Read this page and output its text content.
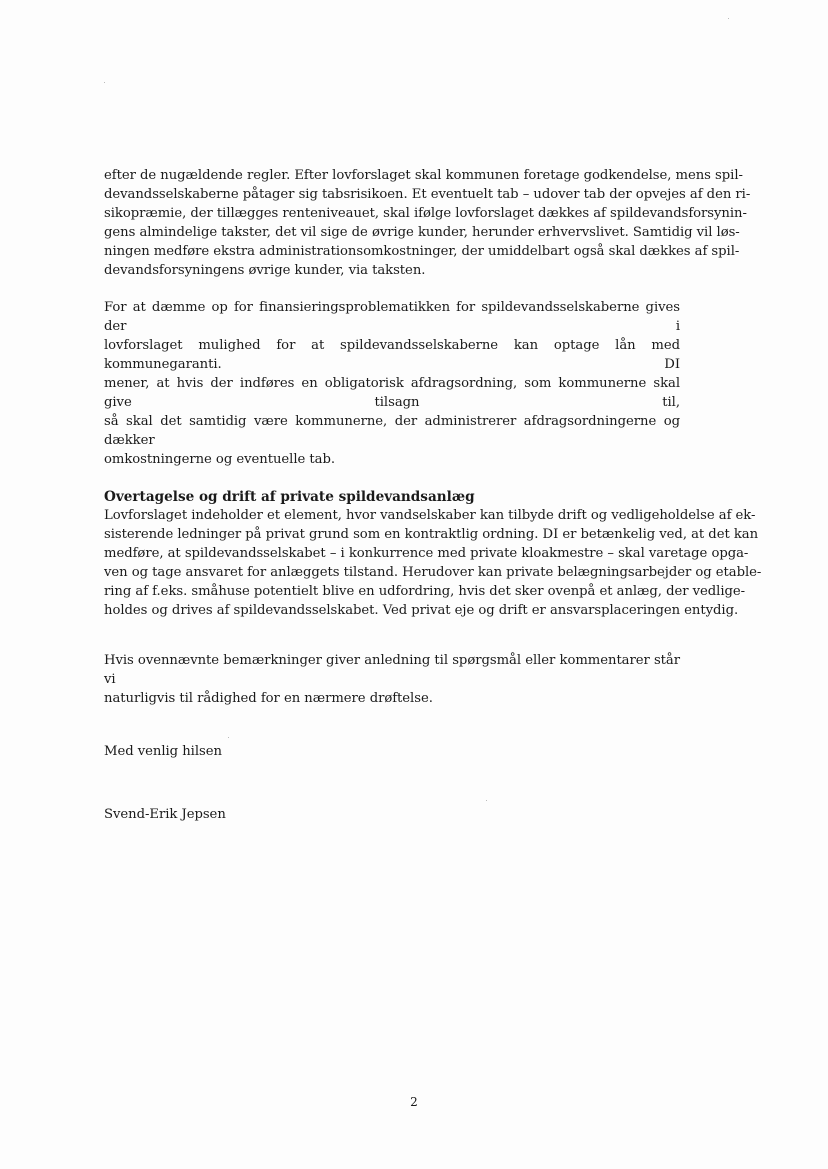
efter de nugældende regler. Efter lovforslaget skal kommunen foretage godkendelse, mens spil-
devandsselskaberne påtager sig tabsrisikoen. Et eventuelt tab – udover tab der opvejes af den ri-
sikopræmie, der tillægges renteniveauet, skal ifølge lovforslaget dækkes af spildevandsforsynin-
gens almindelige takster, det vil sige de øvrige kunder, herunder erhvervslivet. Samtidig vil løs-
ningen medføre ekstra administrationsomkostninger, der umiddelbart også skal dækkes af spil-
devandsforsyningens øvrige kunder, via taksten.

For at dæmme op for finansieringsproblematikken for spildevandsselskaberne gives der i
lovforslaget mulighed for at spildevandsselskaberne kan optage lån med kommunegaranti. DI
mener, at hvis der indføres en obligatorisk afdragsordning, som kommunerne skal give tilsagn til,
så skal det samtidig være kommunerne, der administrerer afdragsordningerne og dækker
omkostningerne og eventuelle tab.

Overtagelse og drift af private spildevandsanlæg

Lovforslaget indeholder et element, hvor vandselskaber kan tilbyde drift og vedligeholdelse af ek-
sisterende ledninger på privat grund som en kontraktlig ordning. DI er betænkelig ved, at det kan
medføre, at spildevandsselskabet – i konkurrence med private kloakmestre – skal varetage opga-
ven og tage ansvaret for anlæggets tilstand. Herudover kan private belægningsarbejder og etable-
ring af f.eks. småhuse potentielt blive en udfordring, hvis det sker ovenpå et anlæg, der vedlige-
holdes og drives af spildevandsselskabet. Ved privat eje og drift er ansvarsplaceringen entydig.

Hvis ovennævnte bemærkninger giver anledning til spørgsmål eller kommentarer står vi
naturligvis til rådighed for en nærmere drøftelse.

Med venlig hilsen

Svend-Erik Jepsen

2
